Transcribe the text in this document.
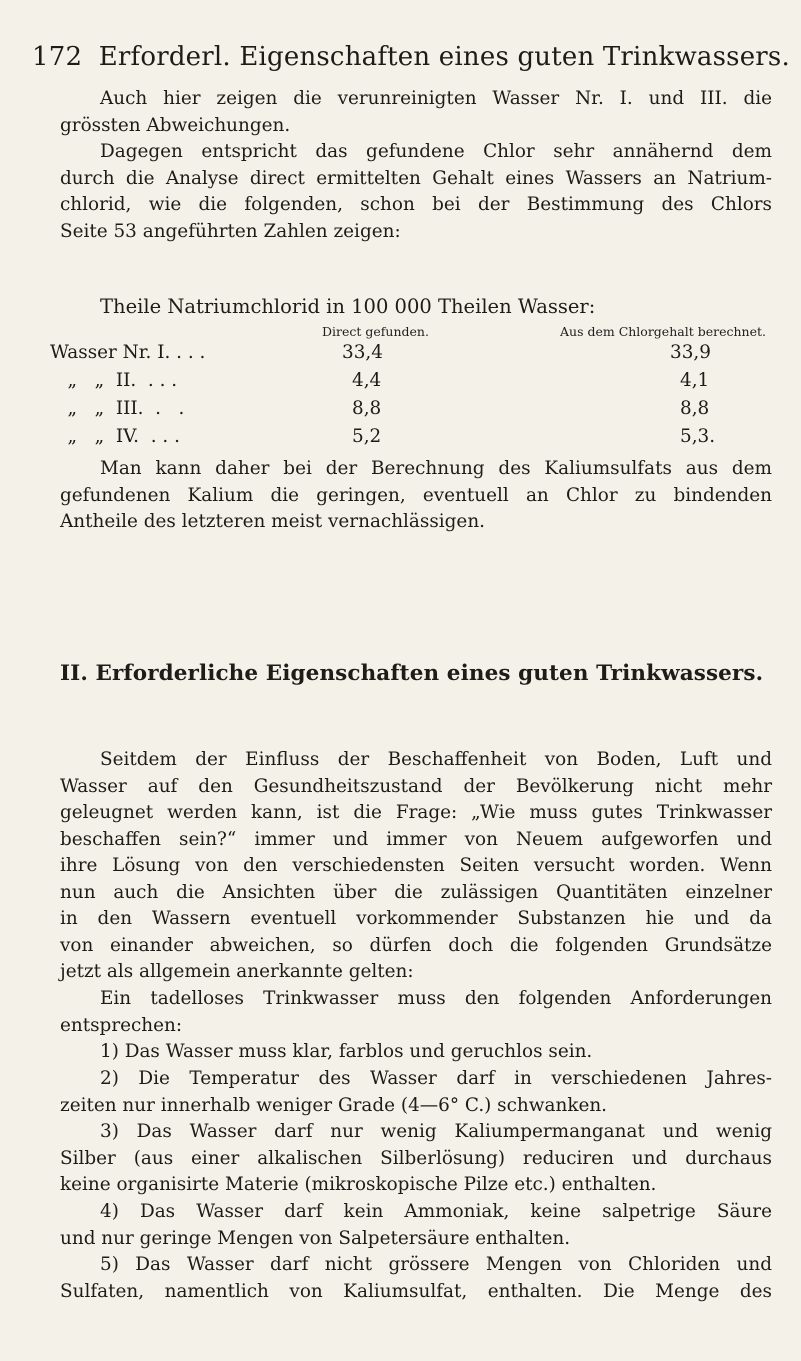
172 Erforderl. Eigenschaften eines guten Trinkwassers.
Auch hier zeigen die verunreinigten Wasser Nr. I. und III. die
grössten Abweichungen.
Dagegen entspricht das gefundene Chlor sehr annähernd dem
durch die Analyse direct ermittelten Gehalt eines Wassers an Natrium-
chlorid, wie die folgenden, schon bei der Bestimmung des Chlors
Seite 53 angeführten Zahlen zeigen:
Theile Natriumchlorid in 100 000 Theilen Wasser:
Direct gefunden.	Aus dem Chlorgehalt berechnet.
Wasser Nr. I. . . .	33,4	33,9
„   „  II.  . . .	4,4	4,1
„   „  III.  .   .	8,8	8,8
„   „  IV.  . . .	5,2	5,3.
Man kann daher bei der Berechnung des Kaliumsulfats aus dem
gefundenen Kalium die geringen, eventuell an Chlor zu bindenden
Antheile des letzteren meist vernachlässigen.
II. Erforderliche Eigenschaften eines guten Trinkwassers.
Seitdem der Einfluss der Beschaffenheit von Boden, Luft und
Wasser auf den Gesundheitszustand der Bevölkerung nicht mehr
geleugnet werden kann, ist die Frage: „Wie muss gutes Trinkwasser
beschaffen sein?“ immer und immer von Neuem aufgeworfen und
ihre Lösung von den verschiedensten Seiten versucht worden. Wenn
nun auch die Ansichten über die zulässigen Quantitäten einzelner
in den Wassern eventuell vorkommender Substanzen hie und da
von einander abweichen, so dürfen doch die folgenden Grundsätze
jetzt als allgemein anerkannte gelten:
Ein tadelloses Trinkwasser muss den folgenden Anforderungen
entsprechen:
1) Das Wasser muss klar, farblos und geruchlos sein.
2) Die Temperatur des Wasser darf in verschiedenen Jahres-
zeiten nur innerhalb weniger Grade (4—6° C.) schwanken.
3) Das Wasser darf nur wenig Kaliumpermanganat und wenig
Silber (aus einer alkalischen Silberlösung) reduciren und durchaus
keine organisirte Materie (mikroskopische Pilze etc.) enthalten.
4) Das Wasser darf kein Ammoniak, keine salpetrige Säure
und nur geringe Mengen von Salpetersäure enthalten.
5) Das Wasser darf nicht grössere Mengen von Chloriden und
Sulfaten, namentlich von Kaliumsulfat, enthalten. Die Menge des
